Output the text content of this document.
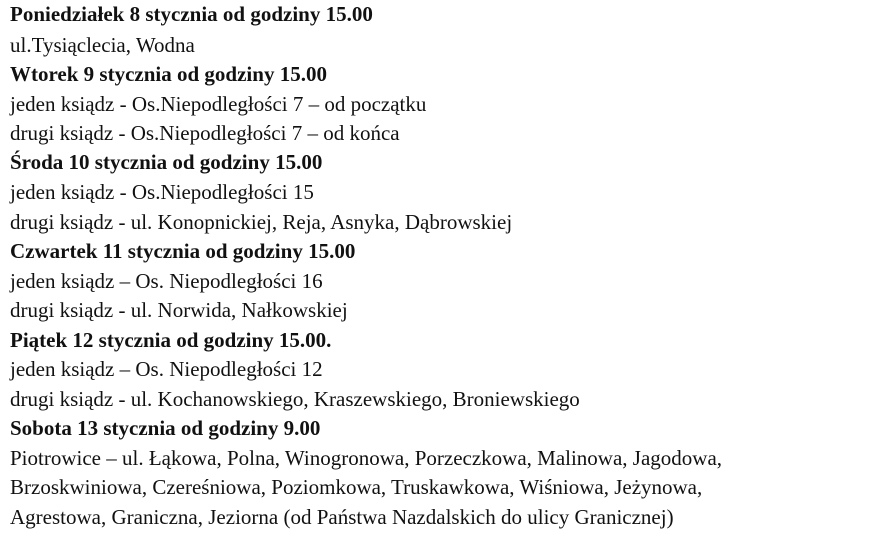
Poniedziałek 8 stycznia od godziny 15.00
ul.Tysiąclecia, Wodna
Wtorek 9 stycznia od godziny 15.00
jeden ksiądz - Os.Niepodległości 7 – od początku
drugi ksiądz - Os.Niepodległości 7 – od końca
Środa 10 stycznia od godziny 15.00
jeden ksiądz - Os.Niepodległości 15
drugi ksiądz - ul. Konopnickiej, Reja, Asnyka, Dąbrowskiej
Czwartek 11 stycznia od godziny 15.00
jeden ksiądz – Os. Niepodległości 16
drugi ksiądz - ul. Norwida, Nałkowskiej
Piątek 12 stycznia od godziny 15.00.
jeden ksiądz – Os. Niepodległości 12
drugi ksiądz - ul. Kochanowskiego, Kraszewskiego, Broniewskiego
Sobota 13 stycznia od godziny 9.00
Piotrowice – ul. Łąkowa, Polna, Winogronowa, Porzeczkowa, Malinowa, Jagodowa,
Brzoskwiniowa, Czereśniowa, Poziomkowa, Truskawkowa, Wiśniowa, Jeżynowa,
Agrestowa, Graniczna, Jeziorna (od Państwa Nazdalskich do ulicy Granicznej)
